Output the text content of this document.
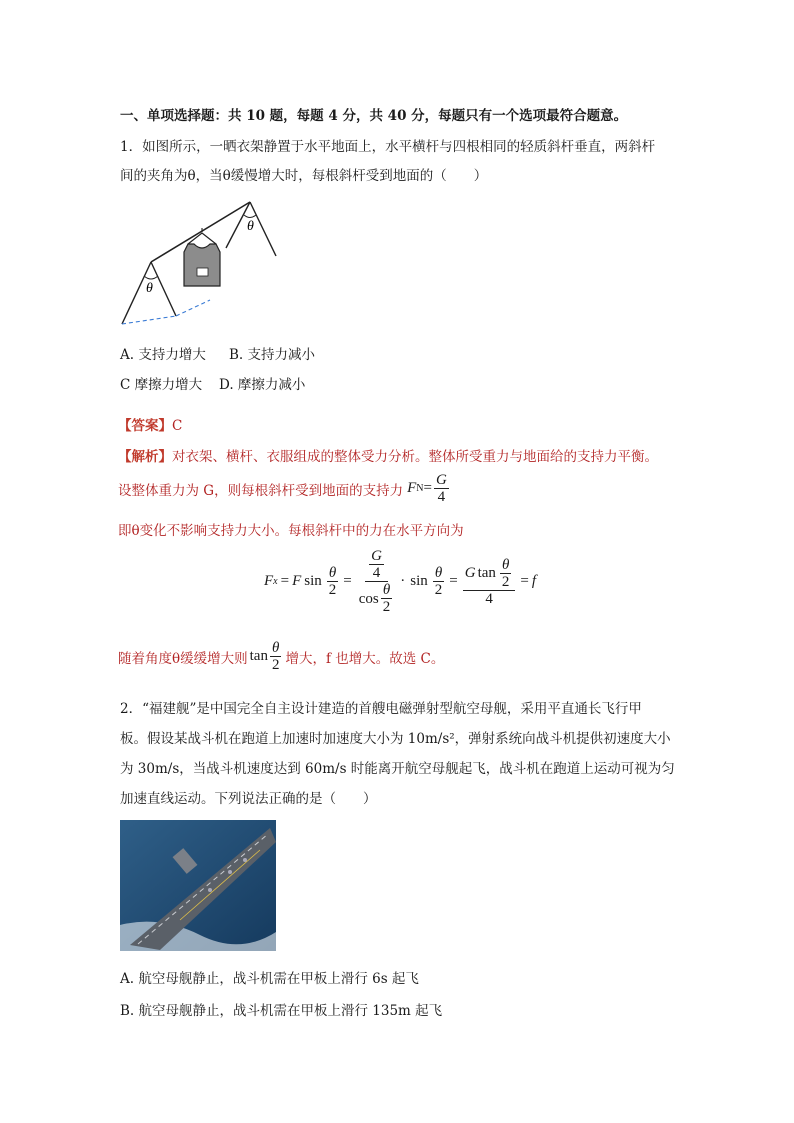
一、单项选择题：共 10 题，每题 4 分，共 40 分，每题只有一个选项最符合题意。
1．如图所示，一晒衣架静置于水平地面上，水平横杆与四根相同的轻质斜杆垂直，两斜杆
间的夹角为θ，当θ缓慢增大时，每根斜杆受到地面的（　　）
θ
θ
A. 支持力增大 B. 支持力减小
C 摩擦力增大 D. 摩擦力减小
【答案】C
【解析】对衣架、横杆、衣服组成的整体受力分析。整体所受重力与地面给的支持力平衡。
设整体重力为 G，则每根斜杆受到地面的支持力 F $N = \frac{G}{4}$
即θ变化不影响支持力大小。每根斜杆中的力在水平方向为
F x = F $\sin \frac{\theta}{2} = \frac{\frac{G}{4}}{\cos \frac{\theta}{2}} \cdot \sin \frac{\theta}{2} = \frac{G \tan \frac{\theta}{2}}{4} = f$
随着角度θ缓缓增大则 $\tan \frac{\theta}{2}$ 增大，f 也增大。故选 C。
2．“福建舰”是中国完全自主设计建造的首艘电磁弹射型航空母舰，采用平直通长飞行甲
板。假设某战斗机在跑道上加速时加速度大小为 10m/s²，弹射系统向战斗机提供初速度大小
为 30m/s，当战斗机速度达到 60m/s 时能离开航空母舰起飞，战斗机在跑道上运动可视为匀
加速直线运动。下列说法正确的是（　　）
A. 航空母舰静止，战斗机需在甲板上滑行 6s 起飞
B. 航空母舰静止，战斗机需在甲板上滑行 135m 起飞
